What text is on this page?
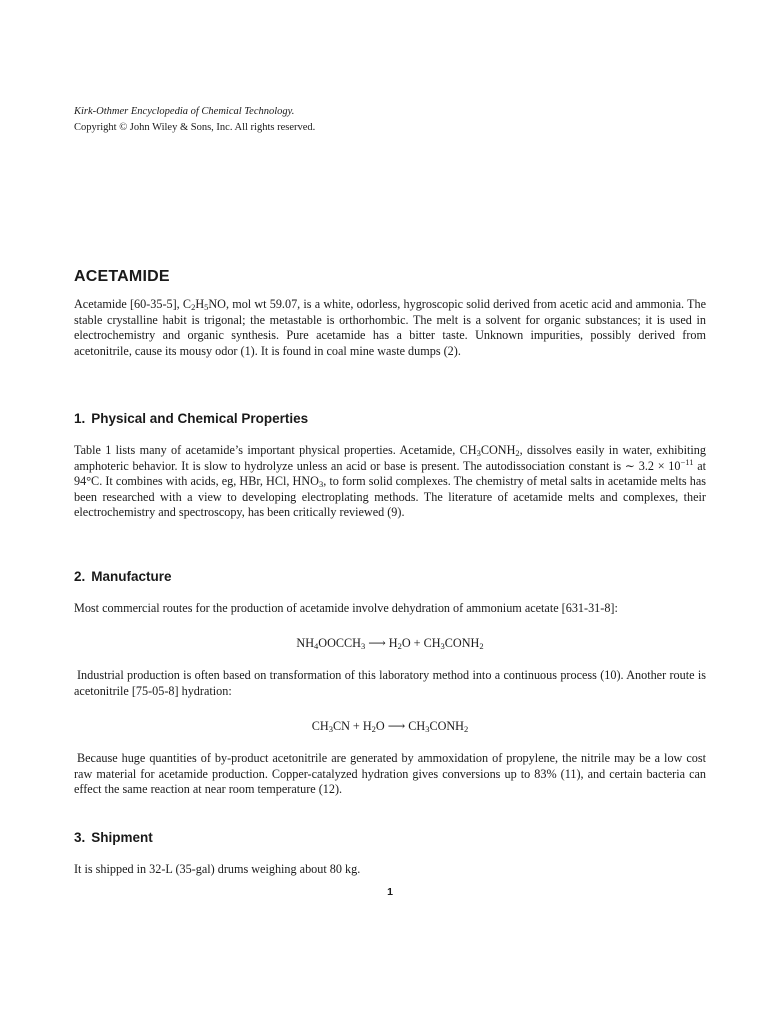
Kirk-Othmer Encyclopedia of Chemical Technology.
Copyright © John Wiley & Sons, Inc. All rights reserved.
ACETAMIDE

Acetamide [60-35-5], $C_2H_5NO$, mol wt 59.07, is a white, odorless, hygroscopic solid derived from acetic acid and ammonia. The stable crystalline habit is trigonal; the metastable is orthorhombic. The melt is a solvent for organic substances; it is used in electrochemistry and organic synthesis. Pure acetamide has a bitter taste. Unknown impurities, possibly derived from acetonitrile, cause its mousy odor (1). It is found in coal mine waste dumps (2).

1. Physical and Chemical Properties

Table 1 lists many of acetamide’s important physical properties. Acetamide, $CH_3CONH_2$, dissolves easily in water, exhibiting amphoteric behavior. It is slow to hydrolyze unless an acid or base is present. The autodissociation constant is ∼ $3.2 \times 10^{-11}$ at 94°C. It combines with acids, eg, HBr, HCl, $HNO_3$, to form solid complexes. The chemistry of metal salts in acetamide melts has been researched with a view to developing electroplating methods. The literature of acetamide melts and complexes, their electrochemistry and spectroscopy, has been critically reviewed (9).

2. Manufacture

Most commercial routes for the production of acetamide involve dehydration of ammonium acetate [631-31-8]:

$NH_4OOCCH_3$ ⟶ $H_2O$ + $CH_3CONH_2$

Industrial production is often based on transformation of this laboratory method into a continuous process (10). Another route is acetonitrile [75-05-8] hydration:

$CH_3CN + H_2O$ ⟶ $CH_3CONH_2$

Because huge quantities of by-product acetonitrile are generated by ammoxidation of propylene, the nitrile may be a low cost raw material for acetamide production. Copper-catalyzed hydration gives conversions up to 83% (11), and certain bacteria can effect the same reaction at near room temperature (12).

3. Shipment

It is shipped in 32-L (35-gal) drums weighing about 80 kg.

1
